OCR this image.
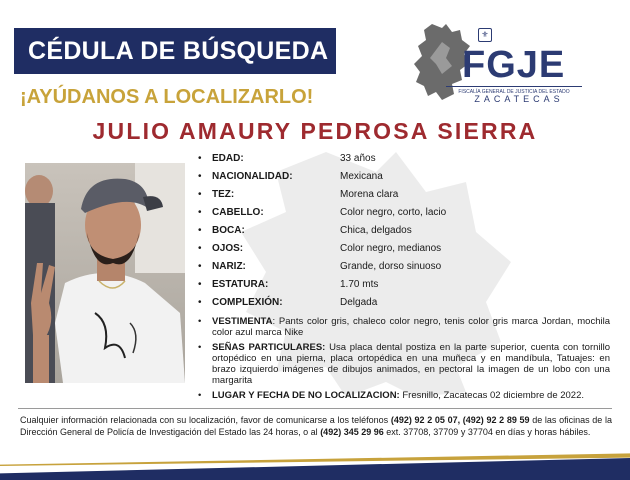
CÉDULA DE BÚSQUEDA
¡AYÚDANOS A LOCALIZARLO!
JULIO AMAURY PEDROSA SIERRA
⚜
FGJE
FISCALÍA GENERAL DE JUSTICIA DEL ESTADO
ZACATECAS
• EDAD:	33 años
• NACIONALIDAD:	Mexicana
• TEZ:	Morena clara
• CABELLO:	Color negro, corto, lacio
• BOCA:	Chica, delgados
• OJOS:	Color negro, medianos
• NARIZ:	Grande, dorso sinuoso
• ESTATURA:	1.70 mts
• COMPLEXIÓN:	Delgada
• VESTIMENTA: Pants color gris, chaleco color negro, tenis color gris marca Jordan, mochila color azul marca Nike
• SEÑAS PARTICULARES: Usa placa dental postiza en la parte superior, cuenta con tornillo ortopédico en una pierna, placa ortopédica en una muñeca y en mandíbula, Tatuajes: en brazo izquierdo imágenes de dibujos animados, en pectoral la imagen de un lobo con una margarita
• LUGAR Y FECHA DE NO LOCALIZACION: Fresnillo, Zacatecas 02 diciembre de 2022.
Cualquier información relacionada con su localización, favor de comunicarse a los teléfonos (492) 92 2 05 07, (492) 92 2 89 59 de las oficinas de la Dirección General de Policía de Investigación del Estado las 24 horas, o al (492) 345 29 96 ext. 37708, 37709 y 37704 en días y horas hábiles.
